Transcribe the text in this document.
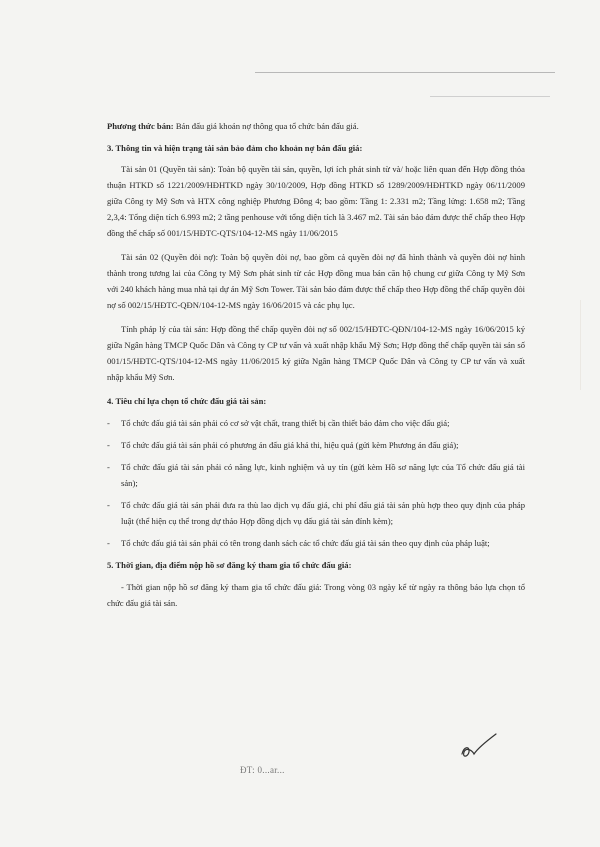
Phương thức bán: Bán đấu giá khoản nợ thông qua tổ chức bán đấu giá.

3. Thông tin và hiện trạng tài sản bảo đảm cho khoản nợ bán đấu giá:

Tài sản 01 (Quyền tài sản): Toàn bộ quyền tài sản, quyền, lợi ích phát sinh từ và/ hoặc liên quan đến Hợp đồng thỏa thuận HTKD số 1221/2009/HĐHTKD ngày 30/10/2009, Hợp đồng HTKD số 1289/2009/HĐHTKD ngày 06/11/2009 giữa Công ty Mỹ Sơn và HTX công nghiệp Phương Đông 4; bao gồm: Tầng 1: 2.331 m2; Tầng lửng: 1.658 m2; Tầng 2,3,4: Tổng diện tích 6.993 m2; 2 tầng penhouse với tổng diện tích là 3.467 m2. Tài sản bảo đảm được thế chấp theo Hợp đồng thế chấp số 001/15/HĐTC-QTS/104-12-MS ngày 11/06/2015

Tài sản 02 (Quyền đòi nợ): Toàn bộ quyền đòi nợ, bao gồm cả quyền đòi nợ đã hình thành và quyền đòi nợ hình thành trong tương lai của Công ty Mỹ Sơn phát sinh từ các Hợp đồng mua bán căn hộ chung cư giữa Công ty Mỹ Sơn với 240 khách hàng mua nhà tại dự án Mỹ Sơn Tower. Tài sản bảo đảm được thế chấp theo Hợp đồng thế chấp quyền đòi nợ số 002/15/HĐTC-QĐN/104-12-MS ngày 16/06/2015 và các phụ lục.

Tính pháp lý của tài sản: Hợp đồng thế chấp quyền đòi nợ số 002/15/HĐTC-QĐN/104-12-MS ngày 16/06/2015 ký giữa Ngân hàng TMCP Quốc Dân và Công ty CP tư vấn và xuất nhập khẩu Mỹ Sơn; Hợp đồng thế chấp quyền tài sản số 001/15/HĐTC-QTS/104-12-MS ngày 11/06/2015 ký giữa Ngân hàng TMCP Quốc Dân và Công ty CP tư vấn và xuất nhập khẩu Mỹ Sơn.

4. Tiêu chí lựa chọn tổ chức đấu giá tài sản:

- Tổ chức đấu giá tài sản phải có cơ sở vật chất, trang thiết bị cần thiết bảo đảm cho việc đấu giá;
- Tổ chức đấu giá tài sản phải có phương án đấu giá khả thi, hiệu quả (gửi kèm Phương án đấu giá);
- Tổ chức đấu giá tài sản phải có năng lực, kinh nghiệm và uy tín (gửi kèm Hồ sơ năng lực của Tổ chức đấu giá tài sản);
- Tổ chức đấu giá tài sản phải đưa ra thù lao dịch vụ đấu giá, chi phí đấu giá tài sản phù hợp theo quy định của pháp luật (thể hiện cụ thể trong dự thảo Hợp đồng dịch vụ đấu giá tài sản đính kèm);
- Tổ chức đấu giá tài sản phải có tên trong danh sách các tổ chức đấu giá tài sản theo quy định của pháp luật;

5. Thời gian, địa điểm nộp hồ sơ đăng ký tham gia tổ chức đấu giá:

- Thời gian nộp hồ sơ đăng ký tham gia tổ chức đấu giá: Trong vòng 03 ngày kể từ ngày ra thông báo lựa chọn tổ chức đấu giá tài sản.

ĐT: 0...ar...
